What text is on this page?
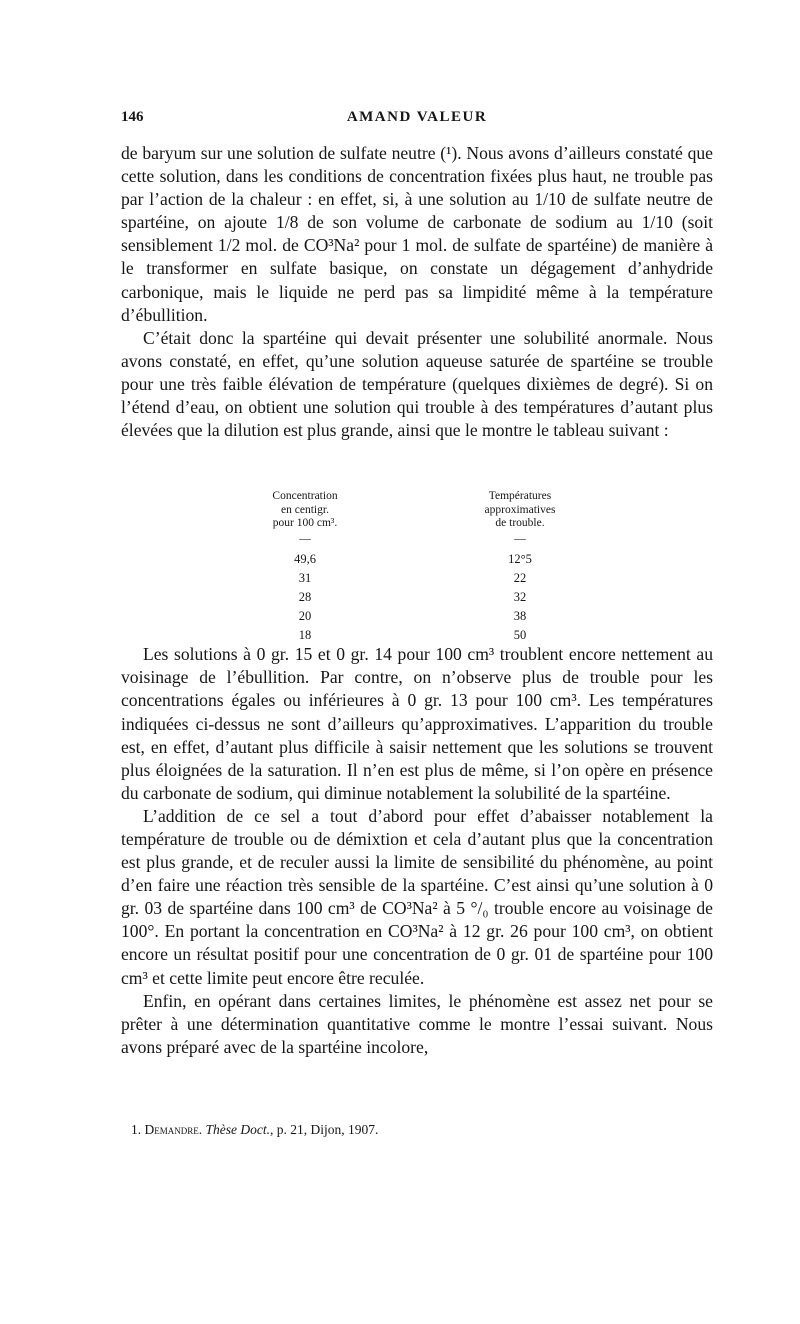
146	AMAND VALEUR

de baryum sur une solution de sulfate neutre (¹). Nous avons d’ailleurs constaté que cette solution, dans les conditions de concentration fixées plus haut, ne trouble pas par l’action de la chaleur : en effet, si, à une solution au 1/10 de sulfate neutre de spartéine, on ajoute 1/8 de son volume de carbonate de sodium au 1/10 (soit sensiblement 1/2 mol. de CO³Na² pour 1 mol. de sulfate de spartéine) de manière à le transformer en sulfate basique, on constate un dégagement d’anhydride carbonique, mais le liquide ne perd pas sa limpidité même à la température d’ébullition.

C’était donc la spartéine qui devait présenter une solubilité anormale. Nous avons constaté, en effet, qu’une solution aqueuse saturée de spartéine se trouble pour une très faible élévation de température (quelques dixièmes de degré). Si on l’étend d’eau, on obtient une solution qui trouble à des températures d’autant plus élevées que la dilution est plus grande, ainsi que le montre le tableau suivant :

Les solutions à 0 gr. 15 et 0 gr. 14 pour 100 cm³ troublent encore nettement au voisinage de l’ébullition. Par contre, on n’observe plus de trouble pour les concentrations égales ou inférieures à 0 gr. 13 pour 100 cm³. Les températures indiquées ci-dessus ne sont d’ailleurs qu’approximatives. L’apparition du trouble est, en effet, d’autant plus difficile à saisir nettement que les solutions se trouvent plus éloignées de la saturation. Il n’en est plus de même, si l’on opère en présence du carbonate de sodium, qui diminue notablement la solubilité de la spartéine.

L’addition de ce sel a tout d’abord pour effet d’abaisser notablement la température de trouble ou de démixtion et cela d’autant plus que la concentration est plus grande, et de reculer aussi la limite de sensibilité du phénomène, au point d’en faire une réaction très sensible de la spartéine. C’est ainsi qu’une solution à 0 gr. 03 de spartéine dans 100 cm³ de CO³Na² à 5 °/₀ trouble encore au voisinage de 100°. En portant la concentration en CO³Na² à 12 gr. 26 pour 100 cm³, on obtient encore un résultat positif pour une concentration de 0 gr. 01 de spartéine pour 100 cm³ et cette limite peut encore être reculée.

Enfin, en opérant dans certaines limites, le phénomène est assez net pour se prêter à une détermination quantitative comme le montre l’essai suivant. Nous avons préparé avec de la spartéine incolore,

Concentration
en centigr.
pour 100 cm³.
—
49,6
31
28
20
18
Températures
approximatives
de trouble.
—
12°5
22
32
38
50
1. Demandre. Thèse Doct., p. 21, Dijon, 1907.
